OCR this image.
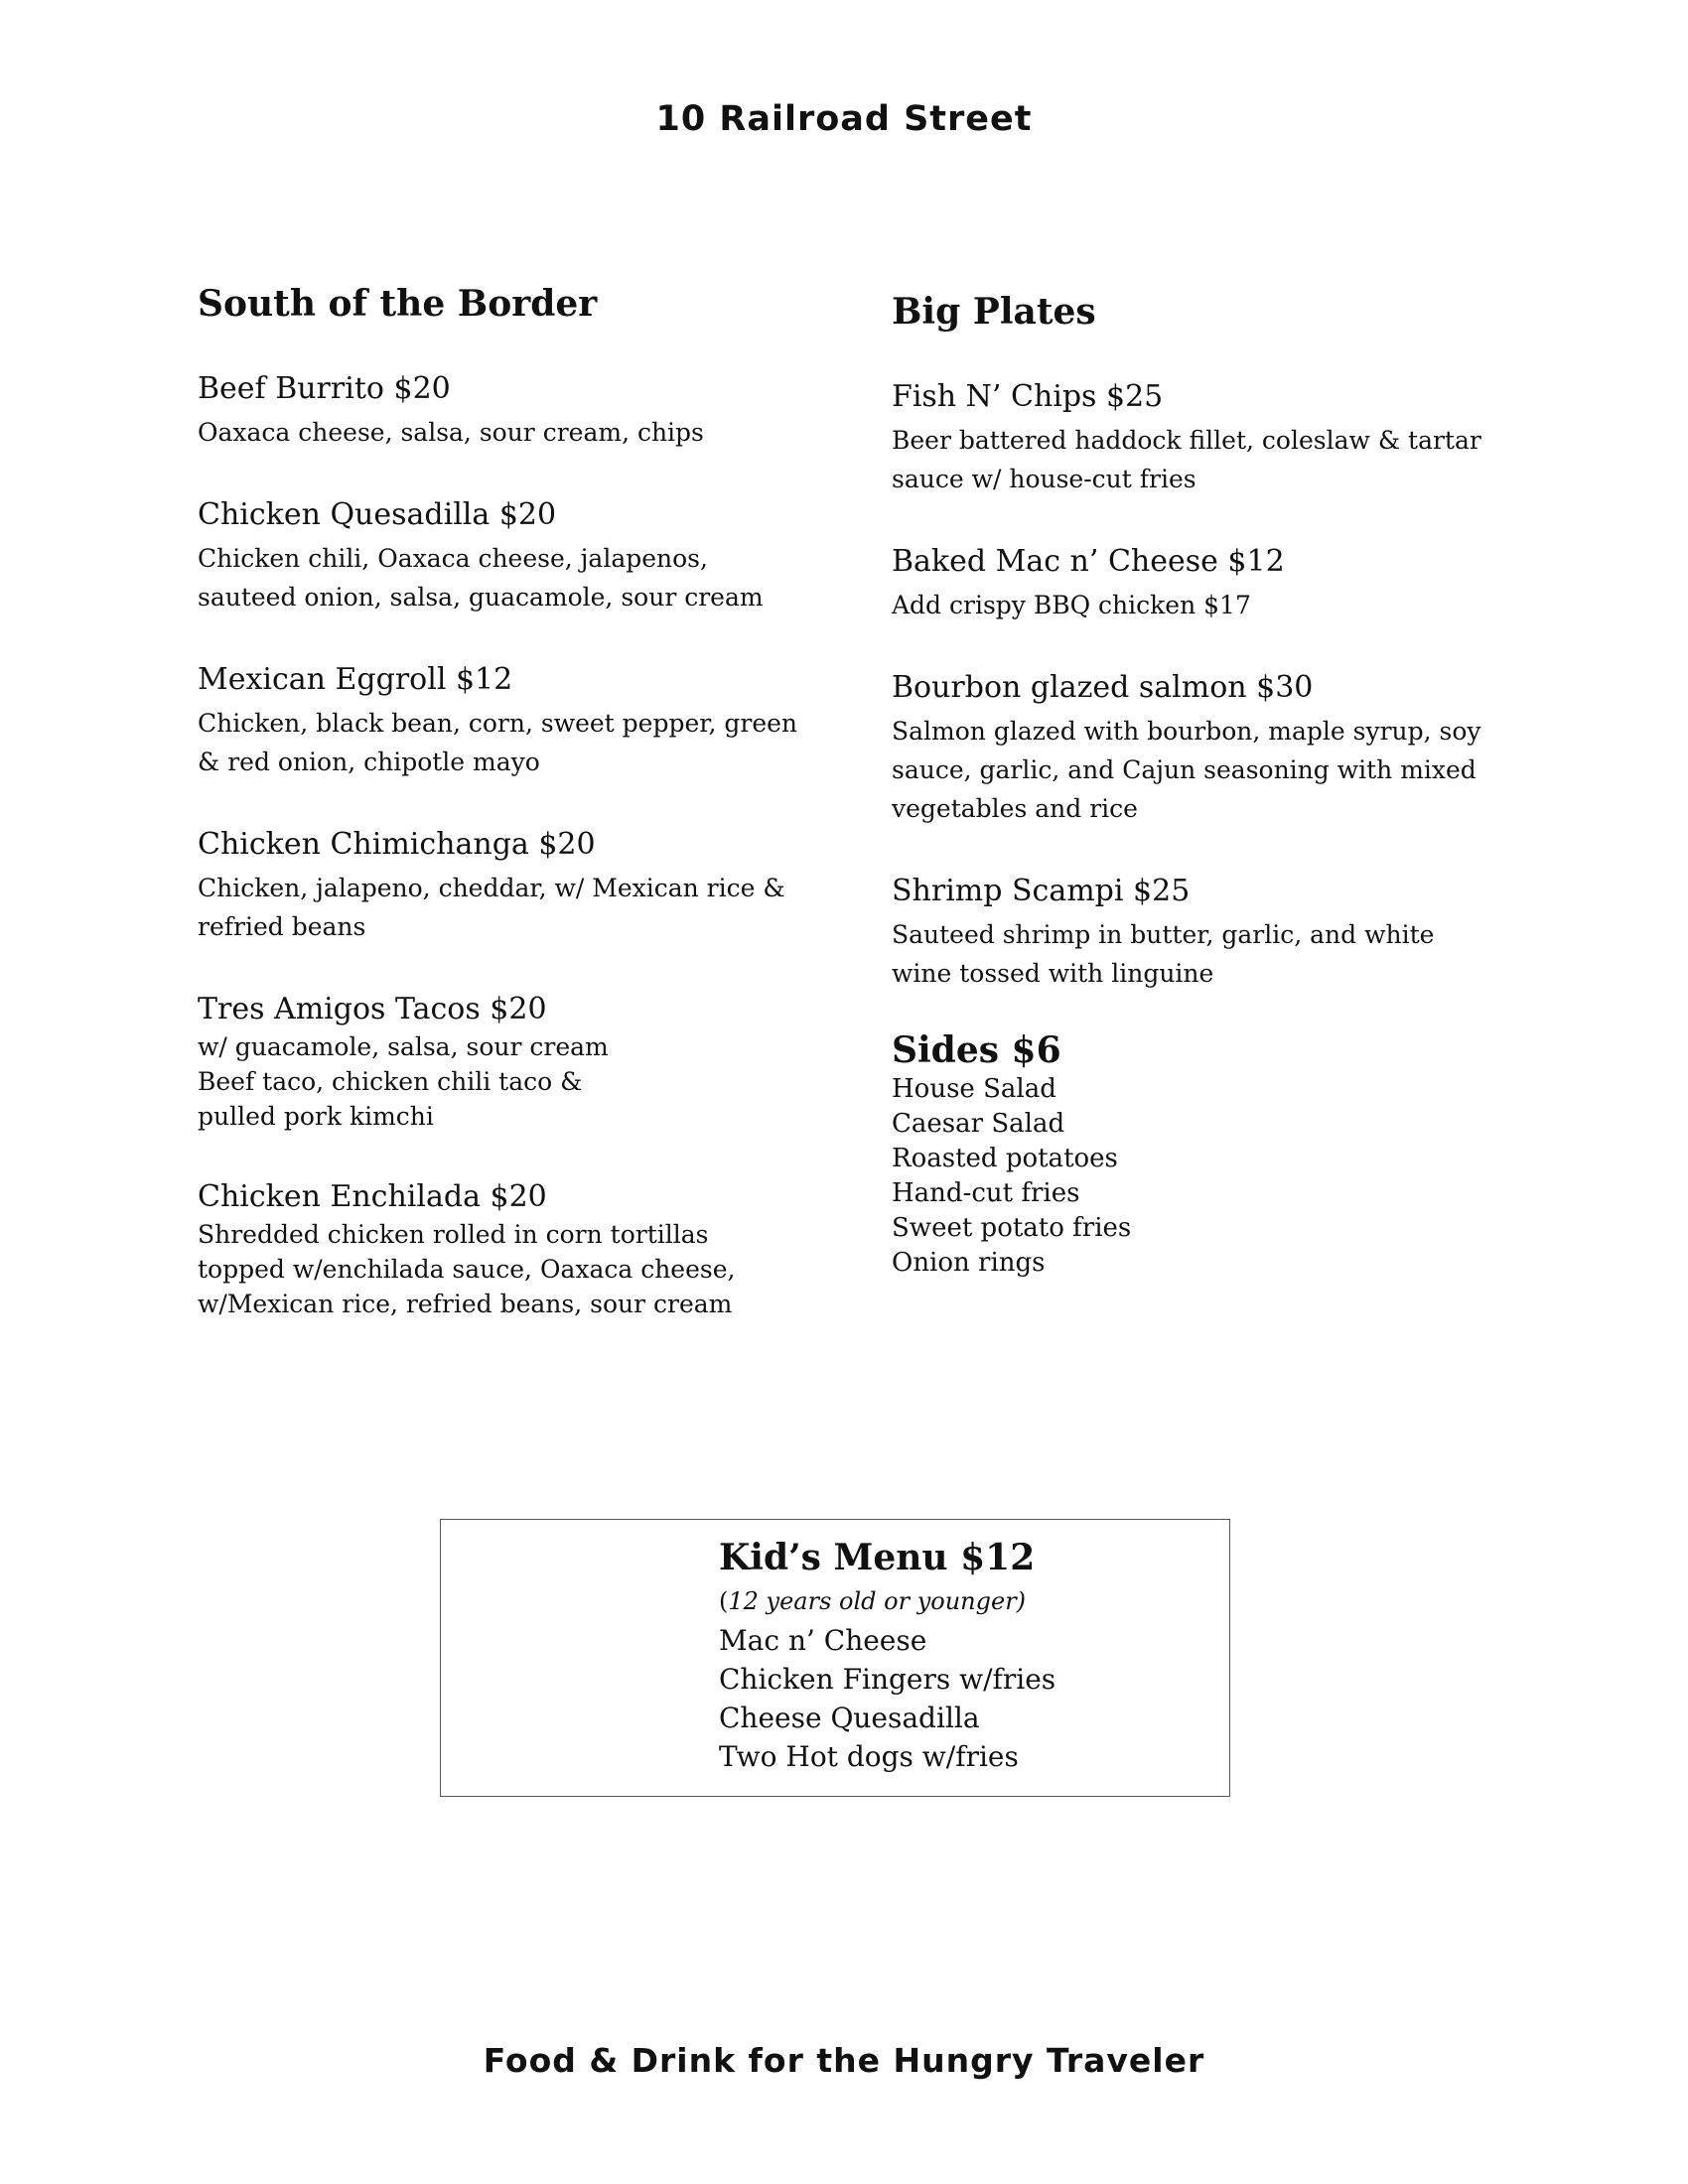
10 Railroad Street
South of the Border
Beef Burrito $20
Oaxaca cheese, salsa, sour cream, chips
Chicken Quesadilla $20
Chicken chili, Oaxaca cheese, jalapenos,
sauteed onion, salsa, guacamole, sour cream
Mexican Eggroll $12
Chicken, black bean, corn, sweet pepper, green
& red onion, chipotle mayo
Chicken Chimichanga $20
Chicken, jalapeno, cheddar, w/ Mexican rice &
refried beans
Tres Amigos Tacos $20
w/ guacamole, salsa, sour cream
Beef taco, chicken chili taco &
pulled pork kimchi
Chicken Enchilada $20
Shredded chicken rolled in corn tortillas
topped w/enchilada sauce, Oaxaca cheese,
w/Mexican rice, refried beans, sour cream
Big Plates
Fish N’ Chips $25
Beer battered haddock fillet, coleslaw & tartar
sauce w/ house-cut fries
Baked Mac n’ Cheese $12
Add crispy BBQ chicken $17
Bourbon glazed salmon $30
Salmon glazed with bourbon, maple syrup, soy
sauce, garlic, and Cajun seasoning with mixed
vegetables and rice
Shrimp Scampi $25
Sauteed shrimp in butter, garlic, and white
wine tossed with linguine
Sides $6
House Salad
Caesar Salad
Roasted potatoes
Hand-cut fries
Sweet potato fries
Onion rings
Kid’s Menu $12
(12 years old or younger)
Mac n’ Cheese
Chicken Fingers w/fries
Cheese Quesadilla
Two Hot dogs w/fries
Food & Drink for the Hungry Traveler
